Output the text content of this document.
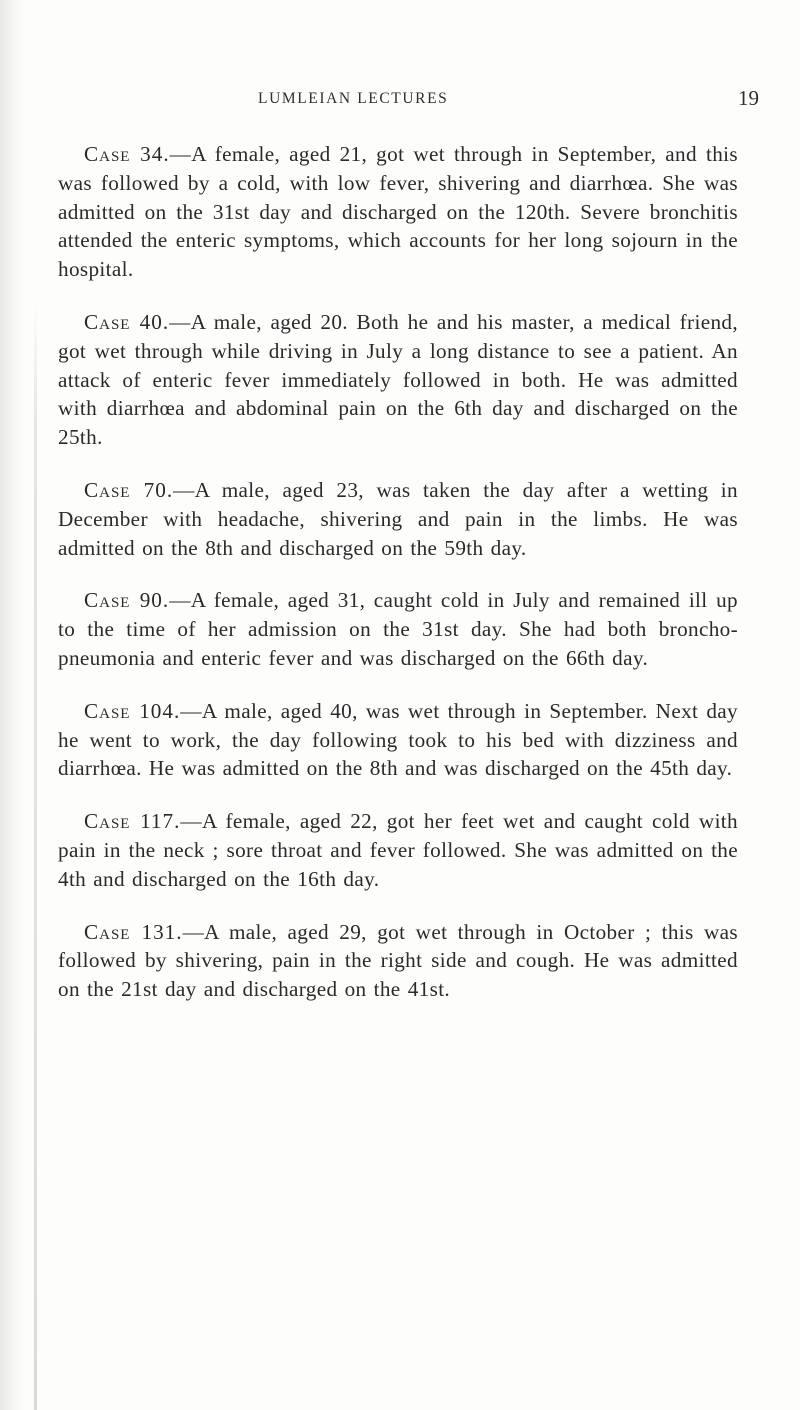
LUMLEIAN LECTURES	19

Case 34.—A female, aged 21, got wet through in September, and this was followed by a cold, with low fever, shivering and diarrhœa. She was admitted on the 31st day and discharged on the 120th. Severe bronchitis attended the enteric symptoms, which accounts for her long sojourn in the hospital.

Case 40.—A male, aged 20. Both he and his master, a medical friend, got wet through while driving in July a long distance to see a patient. An attack of enteric fever immediately followed in both. He was admitted with diarrhœa and abdominal pain on the 6th day and discharged on the 25th.

Case 70.—A male, aged 23, was taken the day after a wetting in December with headache, shivering and pain in the limbs. He was admitted on the 8th and discharged on the 59th day.

Case 90.—A female, aged 31, caught cold in July and remained ill up to the time of her admission on the 31st day. She had both broncho-pneumonia and enteric fever and was discharged on the 66th day.

Case 104.—A male, aged 40, was wet through in September. Next day he went to work, the day following took to his bed with dizziness and diarrhœa. He was admitted on the 8th and was discharged on the 45th day.

Case 117.—A female, aged 22, got her feet wet and caught cold with pain in the neck ; sore throat and fever followed. She was admitted on the 4th and discharged on the 16th day.

Case 131.—A male, aged 29, got wet through in October ; this was followed by shivering, pain in the right side and cough. He was admitted on the 21st day and discharged on the 41st.
